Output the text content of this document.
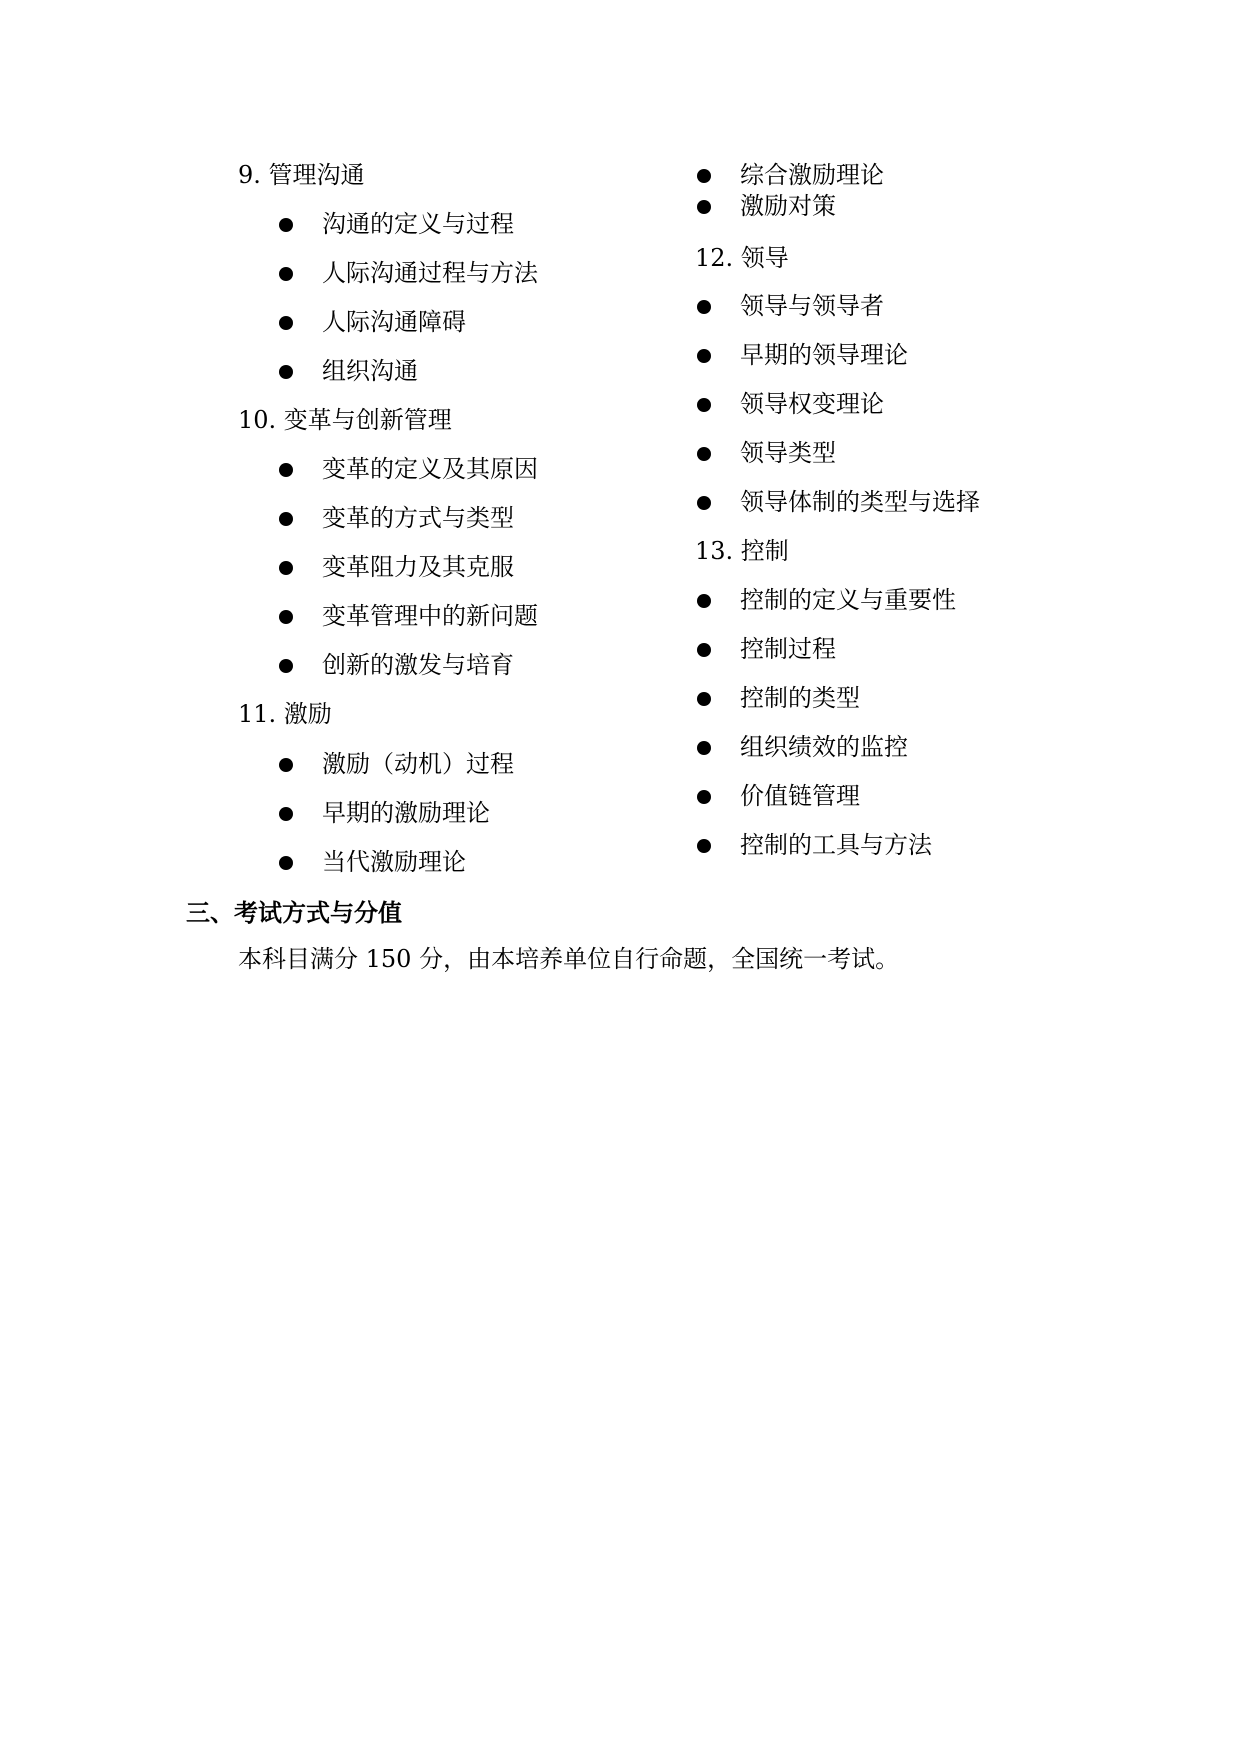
9. 管理沟通
沟通的定义与过程
人际沟通过程与方法
人际沟通障碍
组织沟通
10. 变革与创新管理
变革的定义及其原因
变革的方式与类型
变革阻力及其克服
变革管理中的新问题
创新的激发与培育
11. 激励
激励（动机）过程
早期的激励理论
当代激励理论
综合激励理论
激励对策
12. 领导
领导与领导者
早期的领导理论
领导权变理论
领导类型
领导体制的类型与选择
13. 控制
控制的定义与重要性
控制过程
控制的类型
组织绩效的监控
价值链管理
控制的工具与方法
三、考试方式与分值
本科目满分 150 分，由本培养单位自行命题，全国统一考试。
